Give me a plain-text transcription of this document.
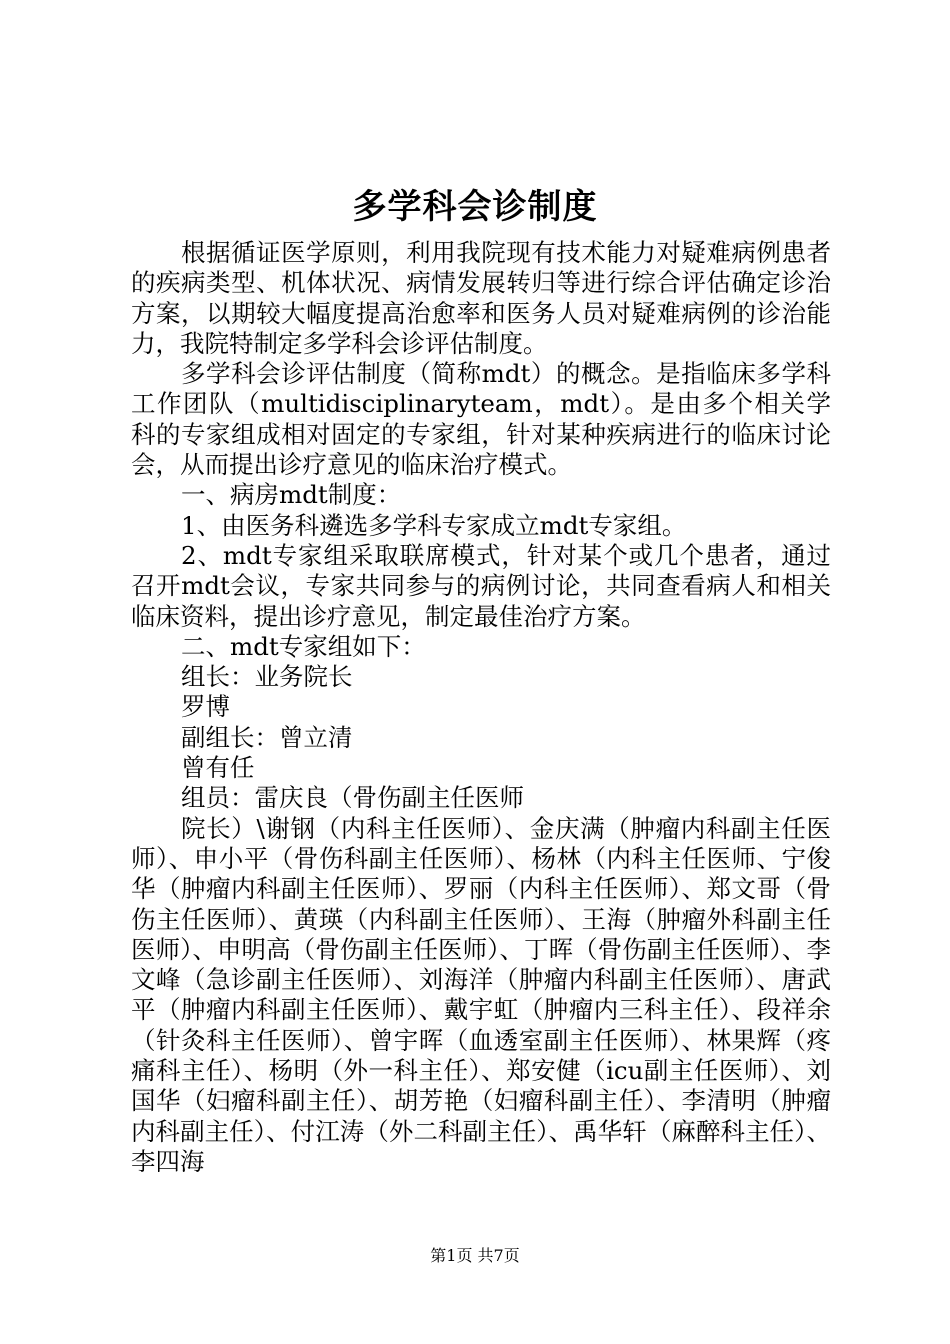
多学科会诊制度

根据循证医学原则，利用我院现有技术能力对疑难病例患者的疾病类型、机体状况、病情发展转归等进行综合评估确定诊治方案，以期较大幅度提高治愈率和医务人员对疑难病例的诊治能力，我院特制定多学科会诊评估制度。

多学科会诊评估制度（简称mdt）的概念。是指临床多学科工作团队（multidisciplinaryteam，mdt）。是由多个相关学科的专家组成相对固定的专家组，针对某种疾病进行的临床讨论会，从而提出诊疗意见的临床治疗模式。

一、病房mdt制度：

1、由医务科遴选多学科专家成立mdt专家组。

2、mdt专家组采取联席模式，针对某个或几个患者，通过召开mdt会议，专家共同参与的病例讨论，共同查看病人和相关临床资料，提出诊疗意见，制定最佳治疗方案。

二、mdt专家组如下：

组长：业务院长

罗博

副组长：曾立清

曾有任

组员：雷庆良（骨伤副主任医师

院长）\谢钢（内科主任医师）、金庆满（肿瘤内科副主任医师）、申小平（骨伤科副主任医师）、杨林（内科主任医师、宁俊华（肿瘤内科副主任医师）、罗丽（内科主任医师）、郑文哥（骨伤主任医师）、黄瑛（内科副主任医师）、王海（肿瘤外科副主任医师）、申明高（骨伤副主任医师）、丁晖（骨伤副主任医师）、李文峰（急诊副主任医师）、刘海洋（肿瘤内科副主任医师）、唐武平（肿瘤内科副主任医师）、戴宇虹（肿瘤内三科主任）、段祥余（针灸科主任医师）、曾宇晖（血透室副主任医师）、林果辉（疼痛科主任）、杨明（外一科主任）、郑安健（icu副主任医师）、刘国华（妇瘤科副主任）、胡芳艳（妇瘤科副主任）、李清明（肿瘤内科副主任）、付江涛（外二科副主任）、禹华轩（麻醉科主任）、李四海

第1页 共7页
